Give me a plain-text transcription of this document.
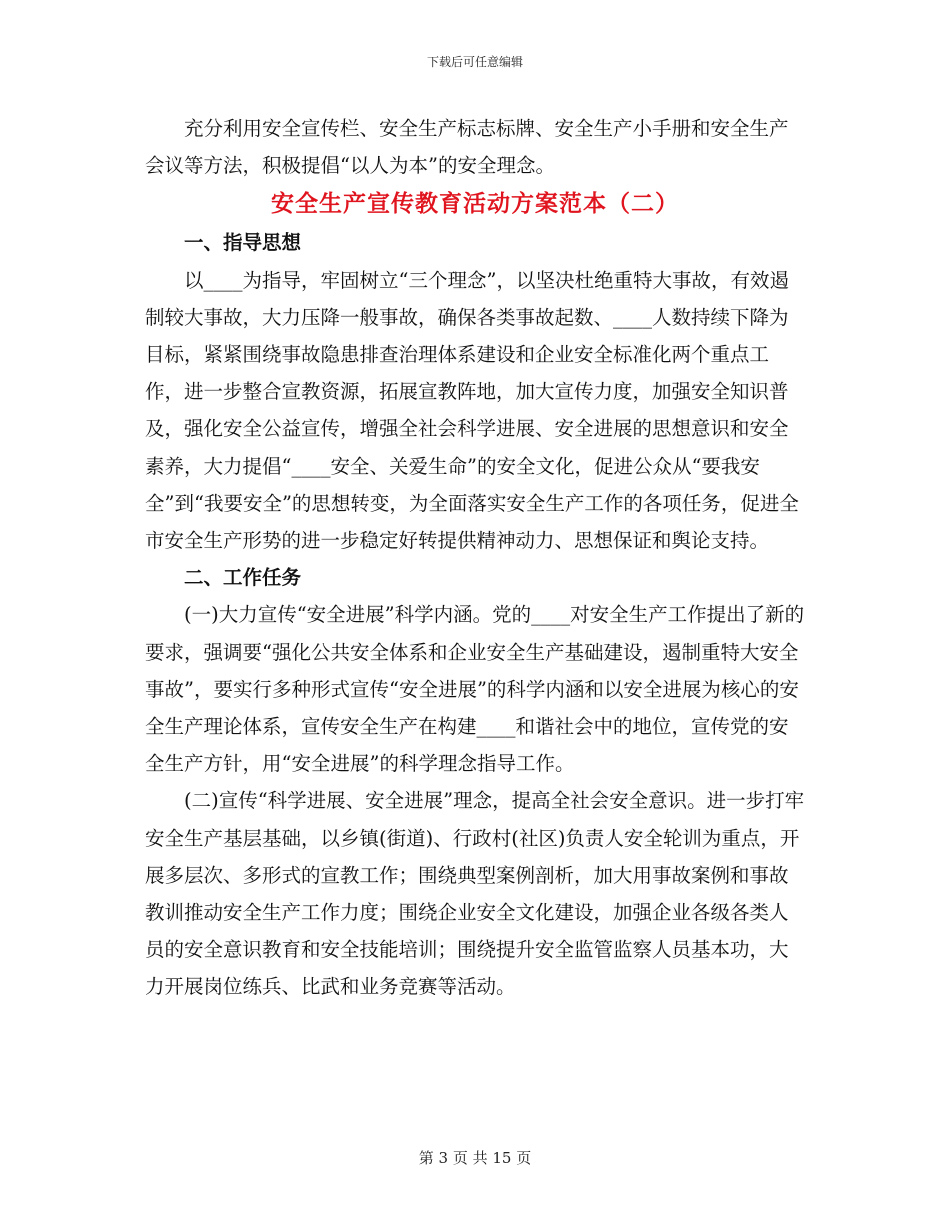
下载后可任意编辑

充分利用安全宣传栏、安全生产标志标牌、安全生产小手册和安全生产会议等方法，积极提倡“以人为本”的安全理念。

安全生产宣传教育活动方案范本（二）
一、指导思想

以____为指导，牢固树立“三个理念”，以坚决杜绝重特大事故，有效遏制较大事故，大力压降一般事故，确保各类事故起数、____人数持续下降为目标，紧紧围绕事故隐患排查治理体系建设和企业安全标准化两个重点工作，进一步整合宣教资源，拓展宣教阵地，加大宣传力度，加强安全知识普及，强化安全公益宣传，增强全社会科学进展、安全进展的思想意识和安全素养，大力提倡“____安全、关爱生命”的安全文化，促进公众从“要我安全”到“我要安全”的思想转变，为全面落实安全生产工作的各项任务，促进全市安全生产形势的进一步稳定好转提供精神动力、思想保证和舆论支持。

二、工作任务

(一)大力宣传“安全进展”科学内涵。党的____对安全生产工作提出了新的要求，强调要“强化公共安全体系和企业安全生产基础建设，遏制重特大安全事故”，要实行多种形式宣传“安全进展”的科学内涵和以安全进展为核心的安全生产理论体系，宣传安全生产在构建____和谐社会中的地位，宣传党的安全生产方针，用“安全进展”的科学理念指导工作。

(二)宣传“科学进展、安全进展”理念，提高全社会安全意识。进一步打牢安全生产基层基础，以乡镇(街道)、行政村(社区)负责人安全轮训为重点，开展多层次、多形式的宣教工作；围绕典型案例剖析，加大用事故案例和事故教训推动安全生产工作力度；围绕企业安全文化建设，加强企业各级各类人员的安全意识教育和安全技能培训；围绕提升安全监管监察人员基本功，大力开展岗位练兵、比武和业务竞赛等活动。

第 3 页 共 15 页
